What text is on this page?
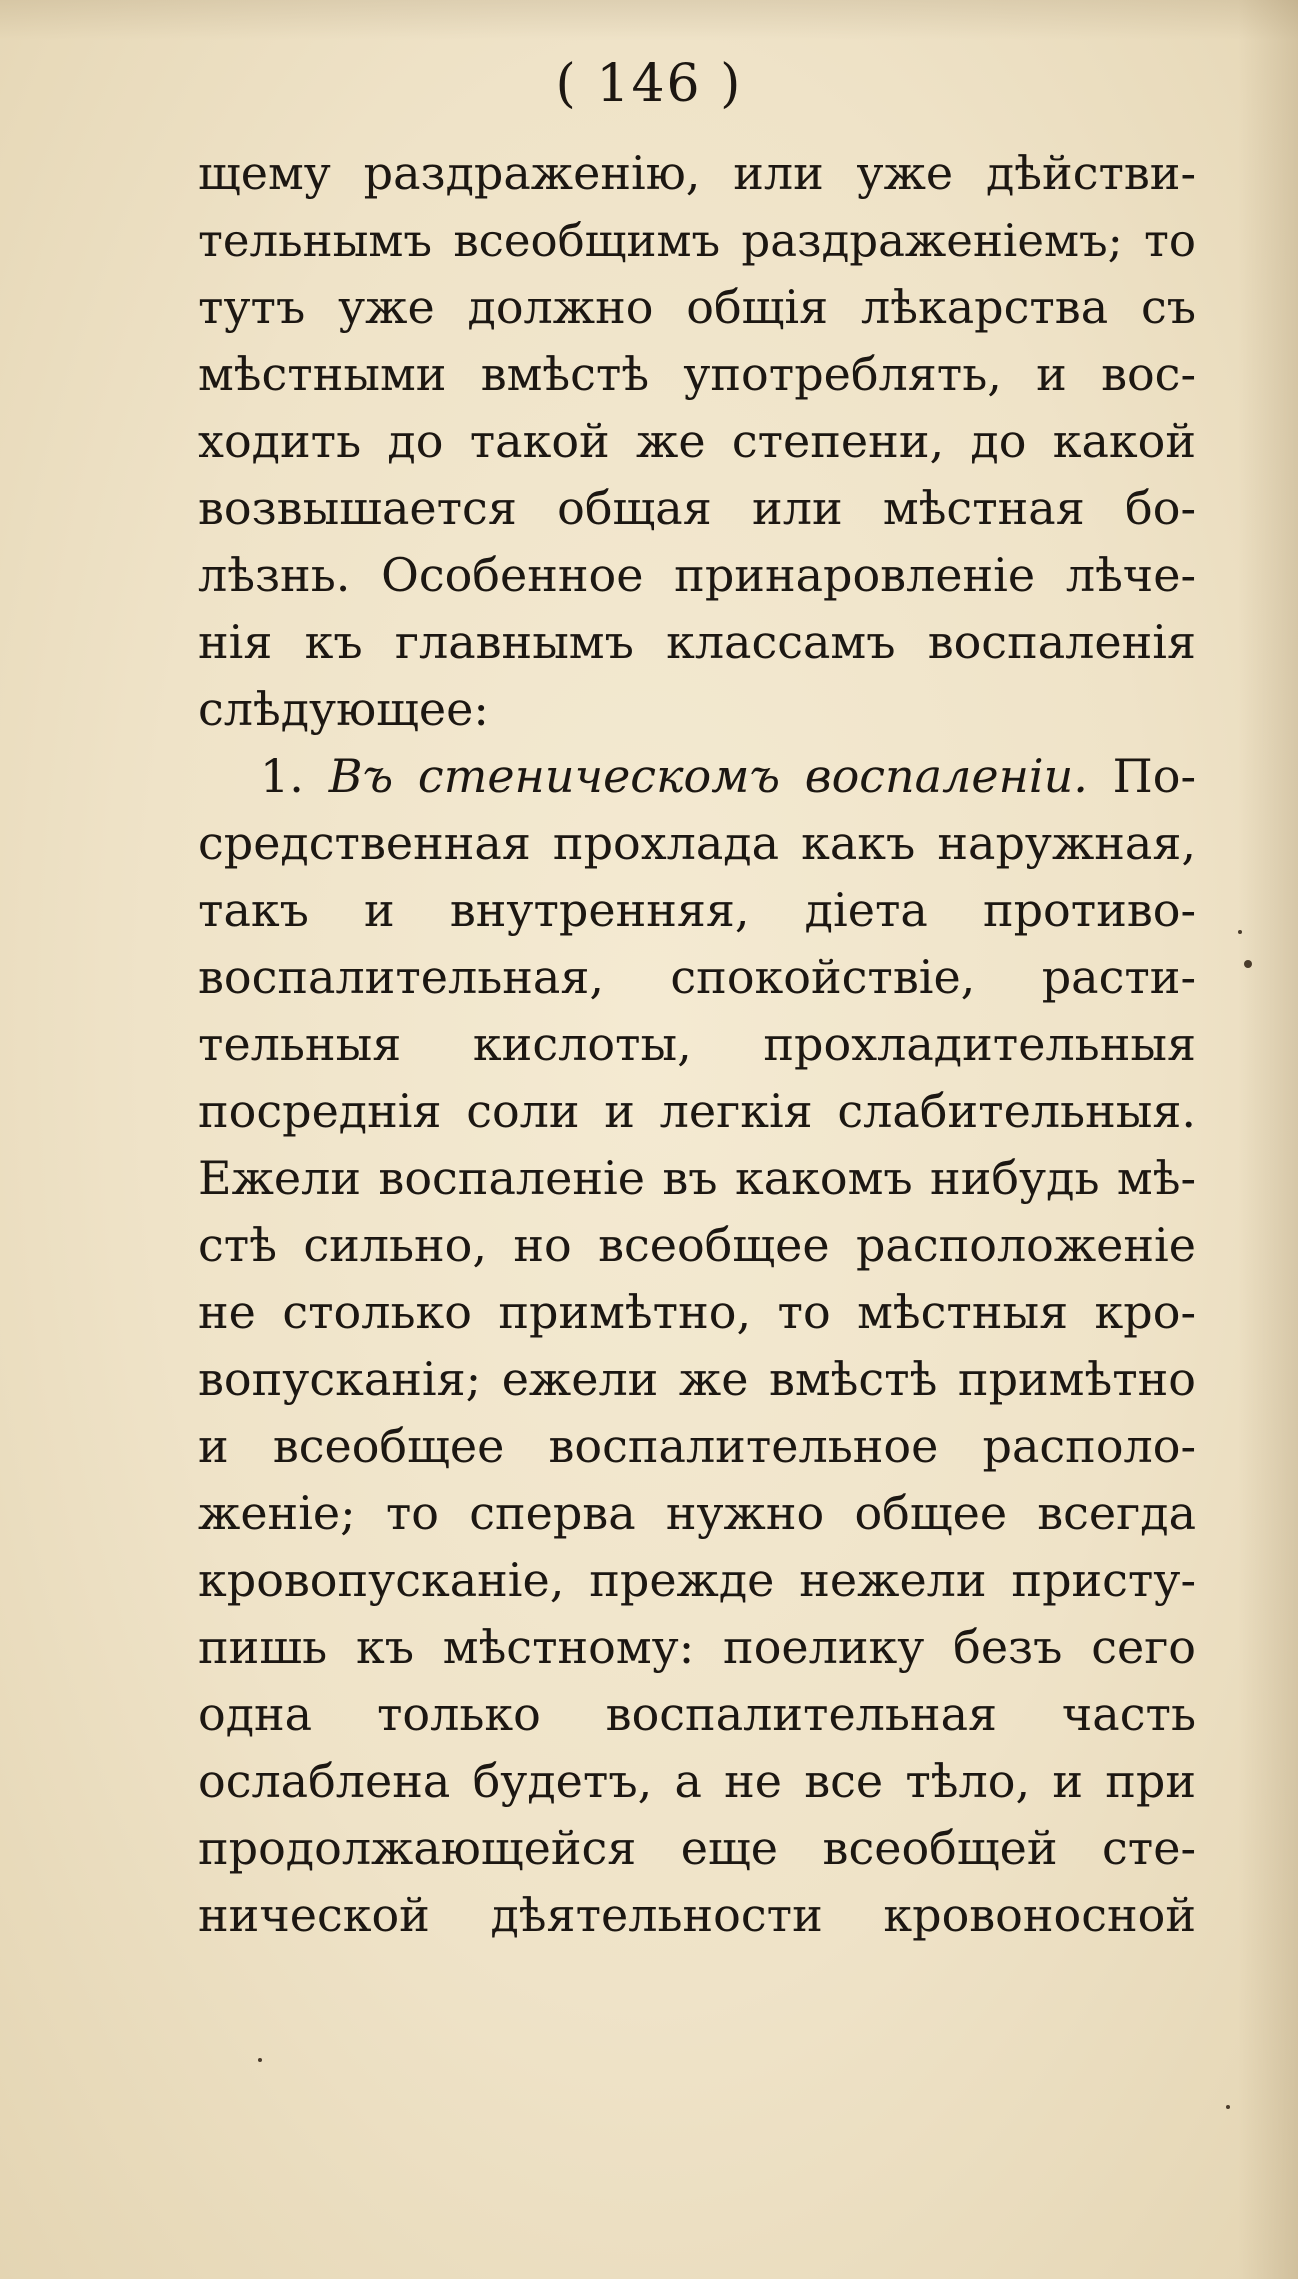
( 146 )
щему раздраженію, или уже дѣйстви-
тельнымъ всеобщимъ раздраженіемъ; то
тутъ уже должно общія лѣкарства съ
мѣстными вмѣстѣ употреблять, и вос-
ходить до такой же степени, до какой
возвышается общая или мѣстная бо-
лѣзнь. Особенное принаровленіе лѣче-
нія къ главнымъ классамъ воспаленія
слѣдующее:
1. Въ стеническомъ воспаленіи. По-
средственная прохлада какъ наружная,
такъ и внутренняя, діета противо-
воспалительная, спокойствіе, расти-
тельныя кислоты, прохладительныя
посреднія соли и легкія слабительныя.
Ежели воспаленіе въ какомъ нибудь мѣ-
стѣ сильно, но всеобщее расположеніе
не столько примѣтно, то мѣстныя кро-
вопусканія; ежели же вмѣстѣ примѣтно
и всеобщее воспалительное располо-
женіе; то сперва нужно общее всегда
кровопусканіе, прежде нежели присту-
пишь къ мѣстному: поелику безъ сего
одна только воспалительная часть
ослаблена будетъ, а не все тѣло, и при
продолжающейся еще всеобщей сте-
нической дѣятельности кровоносной
